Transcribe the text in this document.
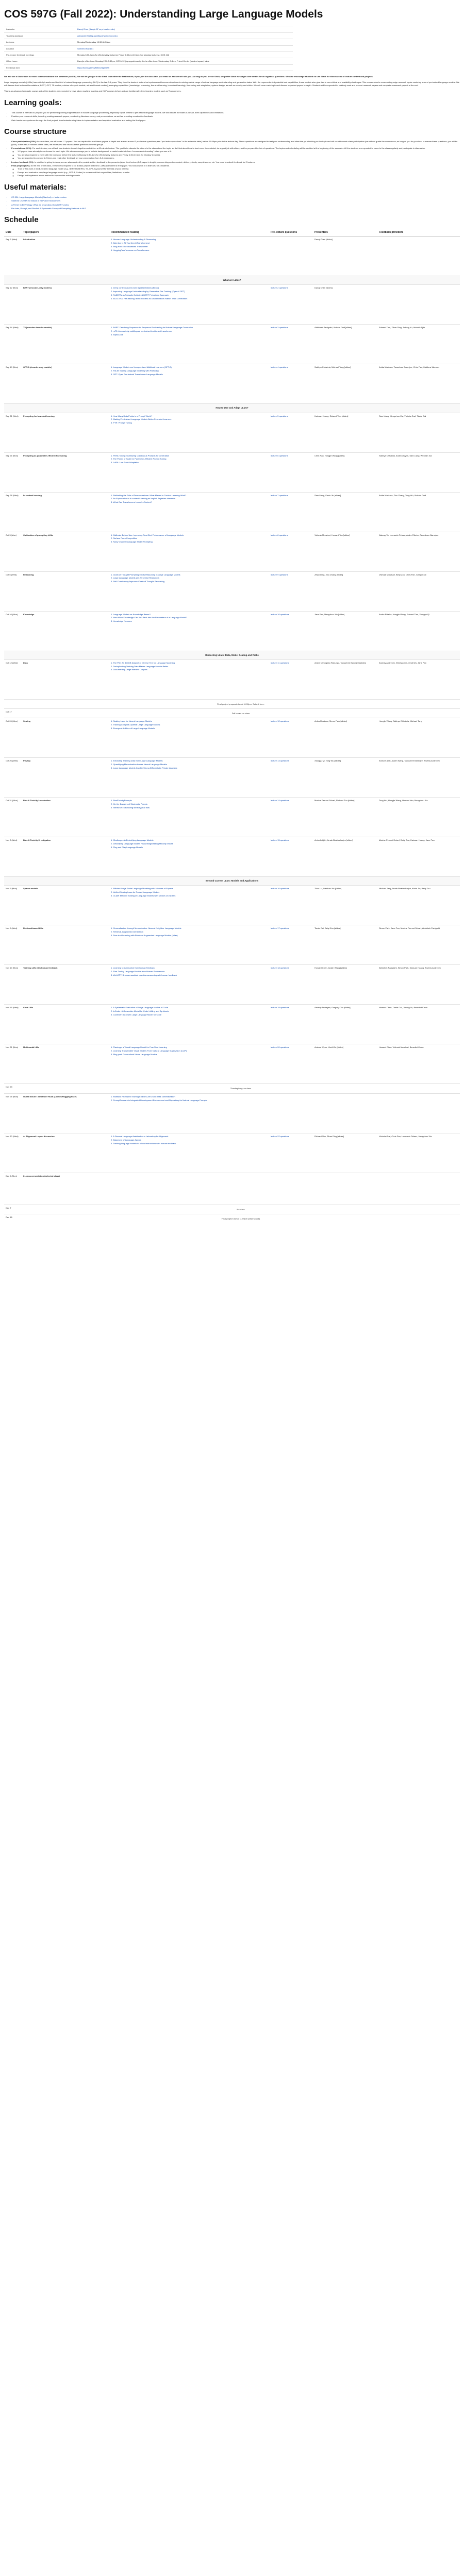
COS 597G (Fall 2022): Understanding Large Language Models
Instructor	Danqi Chen (danqic AT cs.princeton.edu)
Teaching assistant	Alexander Wettig (awettig AT princeton.edu)
Lectures	Monday/Wednesday 10:30-11:50am
Location	Sherrerd Hall 101
Pre-lecture feedback meetings	Monday 3:30-4pm (for Wednesday lectures), Friday 4:30pm-5:15pm (for Monday lectures), COS 412
Office hours	Danqi's office hour: Monday 2:30-3:30pm, COS 412 (by appointment); Alex's office hour: Wednesday 3-4pm, Friend Center (student space) table
Feedback form	https://forms.gle/ctvM9ee2ikpirUX9

We will use a Slack team for most communications this semester (no Ed!). We will let you get in the Slack team after the first lecture; If you join the class late, just email us and we will add you. As long as you are on Slack, we prefer Slack messages over emails for all logistical questions. We also encourage students to use Slack for discussions of lecture content and projects.

Large language models (LLMs) have utterly transformed the field of natural language processing (NLP) in the last 3-4 years. They form the basis of state-of-art systems and become ubiquitous in solving a wide range of natural language understanding and generation tasks. With the unprecedented potential and capabilities, these models also give rise to new ethical and scalability challenges. This course aims to cover cutting-edge research topics centering around pre-trained language models. We will discuss their technical foundations (BERT, GPT, T5 models, mixture-of-expert models, retrieval-based models), emerging capabilities (knowledge, reasoning, few-shot learning, in-context learning), fine-tuning and adaptation, system design, as well as security and ethics. We will cover each topic and discuss important papers in depth. Students will be expected to routinely read and present research papers and complete a research project at the end.

This is an advanced graduate course and all the students are expected to have taken machine learning and NLP courses before and are familiar with deep learning models such as Transformers.

Learning goals:
• This course is intended to prepare you for performing cutting-edge research in natural language processing, especially topics related to pre-trained language models. We will discuss the state-of-the-art, their capabilities and limitations.
• Practice your research skills, including reading research papers, conducting literature survey, oral presentations, as well as providing constructive feedback.
• Gain hands-on experience through the final project, from brainstorming ideas to implementation and empirical evaluation and writing the final paper.
Course structure
• Class participation (25%): In each class, we will cover 1-2 papers. You are required to read these papers in depth and answer around 3 pre-lecture questions (see "pre-lecture questions" in the schedule table) before 11:59pm prior to the lecture day. These questions are designed to test your undersanding and stimulate your thinking on the topic and will count towards class participation (we will not grade the correctness; as long as you do your best to answer these questions, you will be good). In the last 20 minutes of the class, we will review and discuss these questions in small groups.
• Presentations (30%): For each lecture, we will ask two students to work together and deliver a 60-minute lecture. The goal is to educate the others in the class about the topic, so do think about how to best cover the material, do a good job with slides, and be prepared for lots of questions. The topics and scheduling will be decided at the beginning of the semester. All the students are expected to come to the class regularly and participate in discussion.
◦ 1-2 papers have already been chosen for each topic. We also encourage you to include background, or useful materials from "recommended reading" when you see a fit.
◦ You are also required to meet with the instructor before the lecture (Monday 3:30-4pm for Wednesday lectures and Friday 4:30-5:15pm for Monday lectures).
◦ You are expected to present 1-2 times and read other feedback on your presentation from 3-4 classmates.
• Lecture feedback (5%): In addition to giving lectures, we are also required to provide written feedback to the presenter(s) on their lecture (1-2 pages in length), commenting on the content, delivery, clarity, completeness, etc. You need to submit feedback for 2 lectures.
• Final project (40%): At the end of the class, everyone is required to do a class project related to LLMs and submit a final paper. You should work in a team of 2 or 3 students.
◦ Train or fine-tune a medium-sized language model (e.g., BERT/RoBERTa, T5, GPT-2) yourself for the task of your interest.
◦ Prompt and evaluate a very large language model (e.g., GPT-3, Codex) to understand their capabilities, limitations, or risks.
◦ Design and implement a new method to improve the existing models.
Useful materials:
• CS 324: Large Language Models (Stanford) — lecture notes
• Stanford CS224N for basics of NLP and Transformers
• A Primer in BERTology: What we know about how BERT works
• Pre-train, Prompt, and Predict: A Systematic Survey of Prompting Methods in NLP
Schedule
Date	Topic/papers	Recommended reading	Pre-lecture questions	Presenters	Feedback providers
Sep 7 (Wed)	Introduction	1. Human Language Understanding & Reasoning
2. Attention Is All You Need (Transformers)
3. Blog Post: The Illustrated Transformer
4. HuggingFace's course on Transformers		Danqi Chen [slides]	
What are LLMs?					
Sep 12 (Mon)	BERT (encoder-only models)	1. Deep contextualized word representations (ELMo)
2. Improving Language Understanding by Generative Pre-Training (OpenAI GPT)
3. RoBERTa: A Robustly Optimized BERT Pretraining Approach
4. ELECTRA: Pre-training Text Encoders as Discriminators Rather Than Generators	lecture 2 questions	Danqi Chen [slides]	
Sep 14 (Wed)	T5 (encoder-decoder models)	1. BART: Denoising Sequence-to-Sequence Pre-training for Natural Language Generation
2. mT5: A massively multilingual pre-trained text-to-text transformer
3. AlphaCode	lecture 3 questions	Abhishek Panigrahi, Victoria Graf [slides]	Edward Tian, Zihan Ding, Jiatong Yu, Anirudh Ajith
Sep 19 (Mon)	GPT-3 (decoder-only models)	1. Language Models are Unsupervised Multitask Learners (GPT-2)
2. PaLM: Scaling Language Modeling with Pathways
3. OPT: Open Pre-trained Transformer Language Models	lecture 4 questions	Sabhya Chhabria, Michael Tang [slides]	Anika Maskara, Tanushree Banerjee, Chris Pan, Matthew Wiesner
How to Use and Adapt LLMs?					
Sep 21 (Wed)	Prompting for few-shot learning	1. How Many Data Points is a Prompt Worth?
2. Making Pre-trained Language Models Better Few-shot Learners
3. PTR: Prompt Tuning	lecture 5 questions	Kaixuan Huang, Edward Tian [slides]	Sam Liang, Mengzhou Xia, Victoria Graf, Tianle Cai
Sep 26 (Mon)	Prompting as parameter-efficient fine-tuning	1. Prefix-Tuning: Optimizing Continuous Prompts for Generation
2. The Power of Scale for Parameter-Efficient Prompt Tuning
3. LoRA: Low-Rank Adaptation	lecture 6 questions	Chris Pan, Hongjie Wang [slides]	Sabhya Chhabria, Andrea Wynn, Sam Liang, Wenhan Xia
Sep 28 (Wed)	In-context learning	1. Rethinking the Role of Demonstrations: What Makes In-Context Learning Work?
2. An Explanation of In-context Learning as Implicit Bayesian Inference
3. What Can Transformers Learn In-Context?	lecture 7 questions	Sam Liang, Kexin Jin [slides]	Anika Maskara, Zixu Zhang, Tong Wu, Victoria Graf
Oct 3 (Mon)	Calibration of prompting LLMs	1. Calibrate Before Use: Improving Few-Shot Performance of Language Models
2. Surface Form Competition
3. Noisy Channel Language Model Prompting	lecture 8 questions	Vishvak Murahari, Howard Yen [slides]	Jiatong Yu, Leonardo Pelaez, Andre Ribeiro, Tanushree Banerjee
Oct 5 (Wed)	Reasoning	1. Chain of Thought Prompting Elicits Reasoning in Large Language Models
2. Large Language Models are Zero-Shot Reasoners
3. Self-Consistency Improves Chain of Thought Reasoning	lecture 9 questions	Zihan Ding, Zixu Zhang [slides]	Vishvak Murahari, Beiqi Zou, Chris Pan, Xiangyu Qi
Oct 10 (Mon)	Knowledge	1. Language Models as Knowledge Bases?
2. How Much Knowledge Can You Pack Into the Parameters of a Language Model?
3. Knowledge Neurons	lecture 10 questions	Jane Pan, Mengzhou Xia [slides]	Andre Ribeiro, Hongjie Wang, Edward Tian, Xiangyu Qi
Dissecting LLMs: Data, Model Scaling and Risks					
Oct 12 (Wed)	Data	1. The Pile: An 800GB Dataset of Diverse Text for Language Modeling
2. Deduplicating Training Data Makes Language Models Better
3. Documenting Large Webtext Corpora	lecture 11 questions	Andre Niyongabo Rubungo, Tanushree Banerjee [slides]	Arseniy Andreyev, Wenhan Xia, Xindi Wu, Jane Pan
	Final project proposal due at 11:59pm. Submit here.				
Oct 17	Fall break: no class				
Oct 24 (Mon)	Scaling	1. Scaling Laws for Neural Language Models
2. Training Compute-Optimal Large Language Models
3. Emergent Abilities of Large Language Models	lecture 12 questions	Anika Maskara, Simon Park [slides]	Hongjie Wang, Sabhya Chhabria, Michael Tang
Oct 26 (Wed)	Privacy	1. Extracting Training Data from Large Language Models
2. Quantifying Memorization Across Neural Language Models
3. Large Language Models Can Be Strong Differentially Private Learners	lecture 13 questions	Xiangyu Qi, Tong Wu [slides]	Anirudh Ajith, Austin Wang, Tanushree Banerjee, Arseniy Andreyev
Oct 31 (Mon)	Bias & Toxicity I: evaluation	1. RealToxicityPrompts
2. On the Dangers of Stochastic Parrots
3. StereoSet: Measuring stereotypical bias	lecture 14 questions	Maxine Perroni-Scharf, Richard Zhu [slides]	Tong Wu, Hongjie Wang, Howard Yen, Mengzhou Xia
Nov 2 (Wed)	Bias & Toxicity II: mitigation	1. Challenges in Detoxifying Language Models
2. Detoxifying Language Models Risks Marginalizing Minority Voices
3. Plug and Play Language Models	lecture 15 questions	Anirudh Ajith, Arnab Bhattacharjee [slides]	Maxine Perroni-Scharf, Beiqi Zou, Kaixuan Huang, Jane Pan
Beyond Current LLMs: Models and Applications					
Nov 7 (Mon)	Sparse models	1. Efficient Large Scale Language Modeling with Mixtures of Experts
2. Unified Scaling Laws for Routed Language Models
3. GLaM: Efficient Scaling of Language Models with Mixture-of-Experts	lecture 16 questions	Zhou Lu, Wenhan Xia [slides]	Michael Tang, Arnab Bhattacharjee, Kexin Jin, Beiqi Zou
Nov 9 (Wed)	Retrieval-based LMs	1. Generalization through Memorization: Nearest Neighbor Language Models
2. Retrieval-Augmented Generation
3. Few-shot Learning with Retrieval Augmented Language Models (Atlas)	lecture 17 questions	Tianle Cai, Beiqi Zou [slides]	Simon Park, Jane Pan, Maxine Perroni-Scharf, Abhishek Panigrahi
Nov 14 (Mon)	Training LMs with human feedback	1. Learning to summarize from human feedback
2. Fine-Tuning Language Models from Human Preferences
3. WebGPT: Browser-assisted question-answering with human feedback	lecture 18 questions	Howard Chen, Austin Wang [slides]	Abhishek Panigrahi, Simon Park, Kaixuan Huang, Arseniy Andreyev
Nov 16 (Wed)	Code LMs	1. A Systematic Evaluation of Large Language Models of Code
2. InCoder: A Generative Model for Code Infilling and Synthesis
3. CodeGen: An Open Large Language Model for Code	lecture 19 questions	Arseniy Andreyev, Gregory Chu [slides]	Howard Chen, Tianle Cai, Jiatong Yu, Benedict Kevin
Nov 21 (Mon)	Multimodal LMs	1. Flamingo: a Visual Language Model for Few-Shot Learning
2. Learning Transferable Visual Models From Natural Language Supervision (CLIP)
3. Blog post: Generalized Visual Language Models	lecture 20 questions	Andrea Wynn, Xindi Wu [slides]	Howard Chen, Vishvak Murahari, Benedict Kevin
Nov 23	Thanksgiving: no class				
Nov 28 (Mon)	Guest lecture: Alexander Rush (Cornell/Hugging Face)	1. Multitask Prompted Training Enables Zero-Shot Task Generalization
2. PromptSource: An Integrated Development Environment and Repository for Natural Language Prompts			

Nov 30 (Wed)	AI Alignment + open discussion	1. A General Language Assistant as a Laboratory for Alignment
2. Alignment of Language Agents
3. Training language models to follow instructions with human feedback	lecture 22 questions	Richard Zhu, Zihan Ding [slides]	Victoria Graf, Chris Pan, Leonardo Pelaez, Mengzhou Xia
Dec 5 (Mon)	In-class presentation (selected class)				
Dec 7	No class				
Dec 16	Final project due at 11:59pm (dean's date)				
